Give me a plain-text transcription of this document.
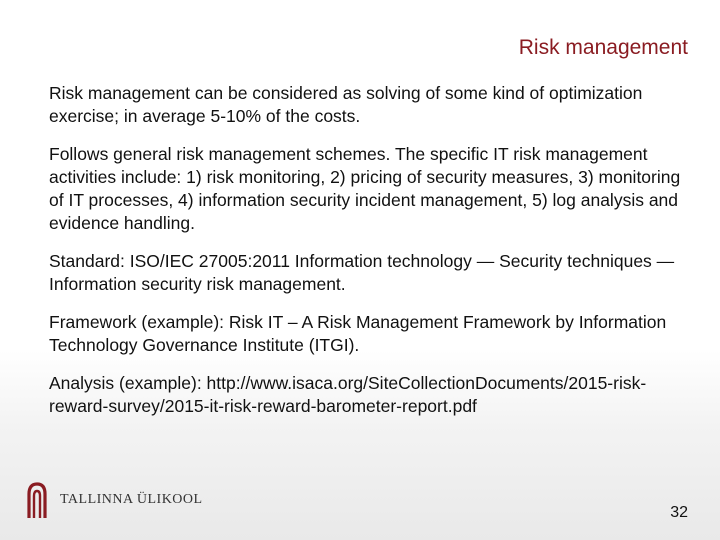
Risk management

Risk management can be considered as solving of some kind of optimization exercise; in average 5-10% of the costs.

Follows general risk management schemes. The specific IT risk management activities include: 1) risk monitoring, 2) pricing of security measures, 3) monitoring of IT processes, 4) information security incident management, 5) log analysis and evidence handling.

Standard: ISO/IEC 27005:2011 Information technology — Security techniques — Information security risk management.

Framework (example): Risk IT – A Risk Management Framework by Information Technology Governance Institute (ITGI).

Analysis (example): http://www.isaca.org/SiteCollectionDocuments/2015-risk-reward-survey/2015-it-risk-reward-barometer-report.pdf

TALLINNA ÜLIKOOL
32
